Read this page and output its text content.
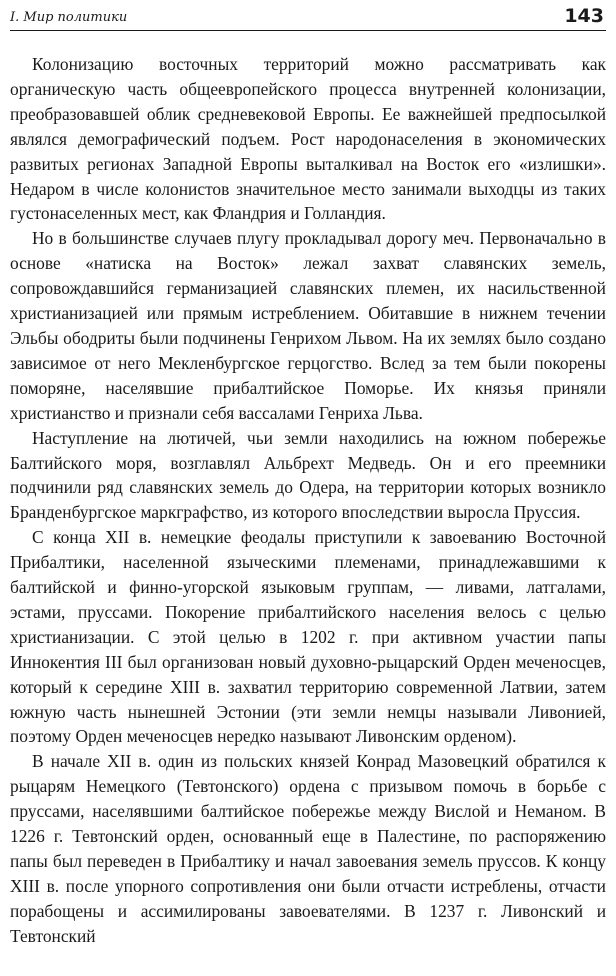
I. Мир политики	143

Колонизацию восточных территорий можно рассматривать как органическую часть общеевропейского процесса внутренней колонизации, преобразовавшей облик средневековой Европы. Ее важнейшей предпосылкой являлся демографический подъем. Рост народонаселения в экономических развитых регионах Западной Европы выталкивал на Восток его «излишки». Недаром в числе колонистов значительное место занимали выходцы из таких густонаселенных мест, как Фландрия и Голландия.

Но в большинстве случаев плугу прокладывал дорогу меч. Первоначально в основе «натиска на Восток» лежал захват славянских земель, сопровождавшийся германизацией славянских племен, их насильственной христианизацией или прямым истреблением. Обитавшие в нижнем течении Эльбы ободриты были подчинены Генрихом Львом. На их землях было создано зависимое от него Мекленбургское герцогство. Вслед за тем были покорены поморяне, населявшие прибалтийское Поморье. Их князья приняли христианство и признали себя вассалами Генриха Льва.

Наступление на лютичей, чьи земли находились на южном побережье Балтийского моря, возглавлял Альбрехт Медведь. Он и его преемники подчинили ряд славянских земель до Одера, на территории которых возникло Бранденбургское маркграфство, из которого впоследствии выросла Пруссия.

С конца XII в. немецкие феодалы приступили к завоеванию Восточной Прибалтики, населенной языческими племенами, принадлежавшими к балтийской и финно-угорской языковым группам, — ливами, латгалами, эстами, пруссами. Покорение прибалтийского населения велось с целью христианизации. С этой целью в 1202 г. при активном участии папы Иннокентия III был организован новый духовно-рыцарский Орден меченосцев, который к середине XIII в. захватил территорию современной Латвии, затем южную часть нынешней Эстонии (эти земли немцы называли Ливонией, поэтому Орден меченосцев нередко называют Ливонским орденом).

В начале XII в. один из польских князей Конрад Мазовецкий обратился к рыцарям Немецкого (Тевтонского) ордена с призывом помочь в борьбе с пруссами, населявшими балтийское побережье между Вислой и Неманом. В 1226 г. Тевтонский орден, основанный еще в Палестине, по распоряжению папы был переведен в Прибалтику и начал завоевания земель пруссов. К концу XIII в. после упорного сопротивления они были отчасти истреблены, отчасти порабощены и ассимилированы завоевателями. В 1237 г. Ливонский и Тевтонский
